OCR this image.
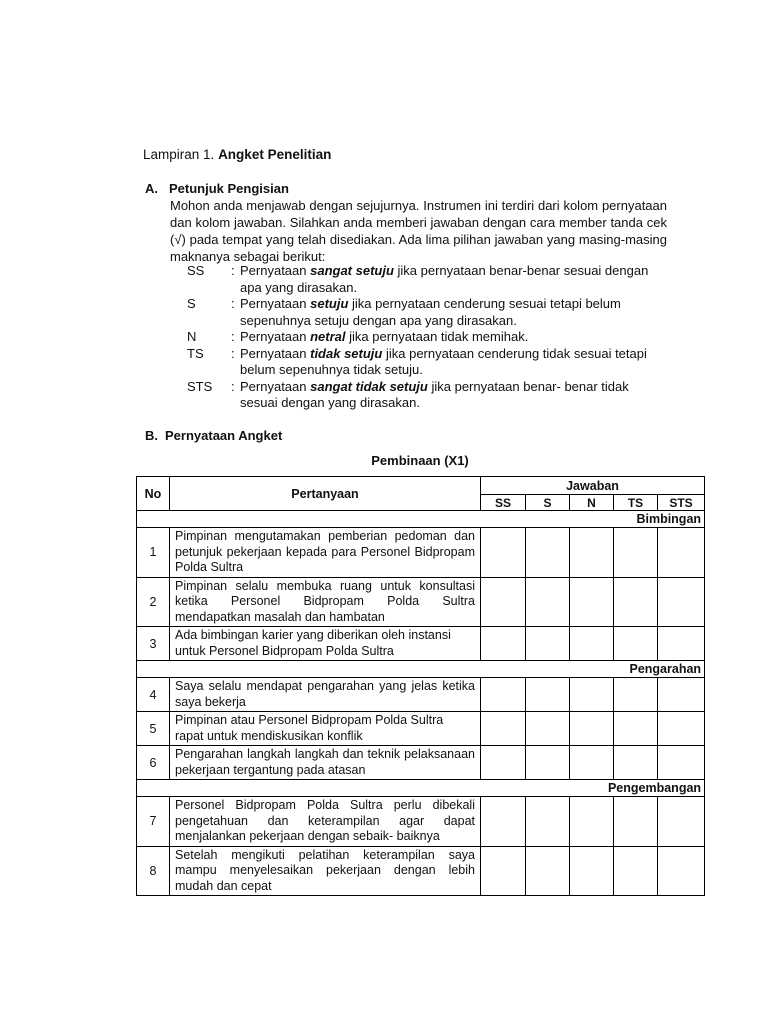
Lampiran 1. Angket Penelitian
A. Petunjuk Pengisian

Mohon anda menjawab dengan sejujurnya. Instrumen ini terdiri dari kolom pernyataan dan kolom jawaban. Silahkan anda memberi jawaban dengan cara member tanda cek (√) pada tempat yang telah disediakan. Ada lima pilihan jawaban yang masing-masing maknanya sebagai berikut:

SS	: Pernyataan sangat setuju jika pernyataan benar-benar sesuai dengan apa yang dirasakan.
S	: Pernyataan setuju jika pernyataan cenderung sesuai tetapi belum sepenuhnya setuju dengan apa yang dirasakan.
N	: Pernyataan netral jika pernyataan tidak memihak.
TS	: Pernyataan tidak setuju jika pernyataan cenderung tidak sesuai tetapi belum sepenuhnya tidak setuju.
STS	: Pernyataan sangat tidak setuju jika pernyataan benar- benar tidak sesuai dengan yang dirasakan.
B. Pernyataan Angket
Pembinaan (X1)
No	Pertanyaan	Jawaban				
		SS	S	N	TS	STS
Bimbingan						
1	Pimpinan mengutamakan pemberian pedoman dan petunjuk pekerjaan kepada para Personel Bidpropam Polda Sultra					
2	Pimpinan selalu membuka ruang untuk konsultasi ketika Personel Bidpropam Polda Sultra mendapatkan masalah dan hambatan					
3	Ada bimbingan karier yang diberikan oleh instansi untuk Personel Bidpropam Polda Sultra					
Pengarahan						
4	Saya selalu mendapat pengarahan yang jelas ketika saya bekerja					
5	Pimpinan atau Personel Bidpropam Polda Sultra rapat untuk mendiskusikan konflik					
6	Pengarahan langkah langkah dan teknik pelaksanaan pekerjaan tergantung pada atasan					
Pengembangan						
7	Personel Bidpropam Polda Sultra perlu dibekali pengetahuan dan keterampilan agar dapat menjalankan pekerjaan dengan sebaik- baiknya					
8	Setelah mengikuti pelatihan keterampilan saya mampu menyelesaikan pekerjaan dengan lebih mudah dan cepat					
